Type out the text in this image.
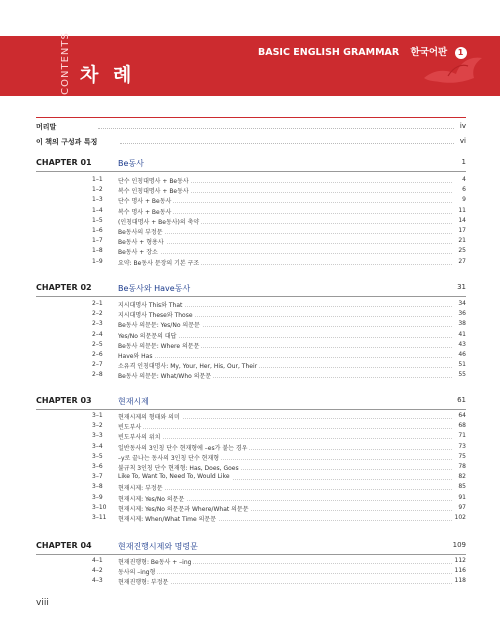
CONTENTS 차 례
BASIC ENGLISH GRAMMAR 한국어판 1
머리말	iv
이 책의 구성과 특징	vi
CHAPTER 01	Be동사	1
1–1	단수 인칭대명사 + Be동사	4
1–2	복수 인칭대명사 + Be동사	6
1–3	단수 명사 + Be동사	9
1–4	복수 명사 + Be동사	11
1–5	(인칭대명사 + Be동사)의 축약	14
1–6	Be동사의 부정문	17
1–7	Be동사 + 형용사	21
1–8	Be동사 + 장소	25
1–9	요약: Be동사 문장의 기본 구조	27
CHAPTER 02	Be동사와 Have동사	31
2–1	지시대명사 This와 That	34
2–2	지시대명사 These와 Those	36
2–3	Be동사 의문문: Yes/No 의문문	38
2–4	Yes/No 의문문의 대답	41
2–5	Be동사 의문문: Where 의문문	43
2–6	Have와 Has	46
2–7	소유격 인칭대명사: My, Your, Her, His, Our, Their	51
2–8	Be동사 의문문: What/Who 의문문	55
CHAPTER 03	현재시제	61
3–1	현재시제의 형태와 의미	64
3–2	빈도부사	68
3–3	빈도부사의 위치	71
3–4	일반동사의 3인칭 단수 현재형에 –es가 붙는 경우	73
3–5	–y로 끝나는 동사의 3인칭 단수 현재형	75
3–6	불규칙 3인칭 단수 현재형: Has, Does, Goes	78
3–7	Like To, Want To, Need To, Would Like	82
3–8	현재시제: 부정문	85
3–9	현재시제: Yes/No 의문문	91
3–10 현재시제: Yes/No 의문문과 Where/What 의문문	97
3–11 현재시제: When/What Time 의문문	102
CHAPTER 04	현재진행시제와 명령문	109
4–1	현재진행형: Be동사 + –ing	112
4–2	동사의 –ing형	116
4–3	현재진행형: 부정문	118
viii
